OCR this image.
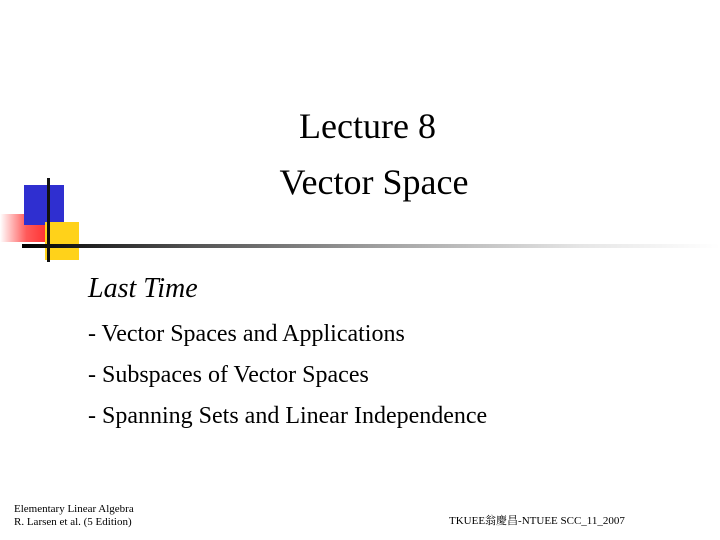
Lecture 8
Vector Space
Last Time
- Vector Spaces and Applications
- Subspaces of Vector Spaces
- Spanning Sets and Linear Independence
Elementary Linear Algebra
R. Larsen et al. (5 Edition)	TKUEE翁慶昌-NTUEE SCC_11_2007
